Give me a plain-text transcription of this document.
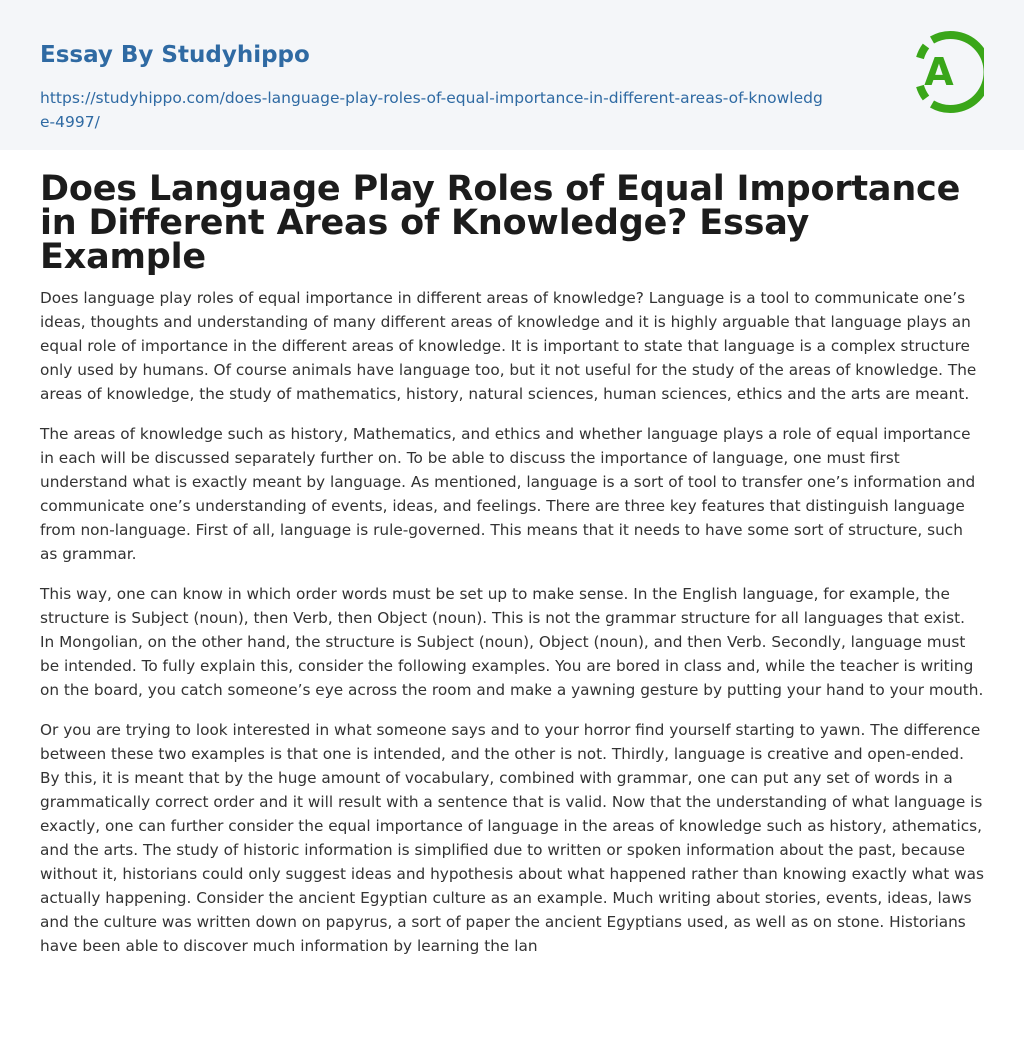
Essay By Studyhippo
https://studyhippo.com/does-language-play-roles-of-equal-importance-in-different-areas-of-knowledge-4997/
A
Does Language Play Roles of Equal Importance in Different Areas of Knowledge? Essay Example

Does language play roles of equal importance in different areas of knowledge? Language is a tool to communicate one’s ideas, thoughts and understanding of many different areas of knowledge and it is highly arguable that language plays an equal role of importance in the different areas of knowledge. It is important to state that language is a complex structure only used by humans. Of course animals have language too, but it not useful for the study of the areas of knowledge. The areas of knowledge, the study of mathematics, history, natural sciences, human sciences, ethics and the arts are meant.

The areas of knowledge such as history, Mathematics, and ethics and whether language plays a role of equal importance in each will be discussed separately further on. To be able to discuss the importance of language, one must first understand what is exactly meant by language. As mentioned, language is a sort of tool to transfer one’s information and communicate one’s understanding of events, ideas, and feelings. There are three key features that distinguish language from non-language. First of all, language is rule-governed. This means that it needs to have some sort of structure, such as grammar.

This way, one can know in which order words must be set up to make sense. In the English language, for example, the structure is Subject (noun), then Verb, then Object (noun). This is not the grammar structure for all languages that exist. In Mongolian, on the other hand, the structure is Subject (noun), Object (noun), and then Verb. Secondly, language must be intended. To fully explain this, consider the following examples. You are bored in class and, while the teacher is writing on the board, you catch someone’s eye across the room and make a yawning gesture by putting your hand to your mouth.

Or you are trying to look interested in what someone says and to your horror find yourself starting to yawn. The difference between these two examples is that one is intended, and the other is not. Thirdly, language is creative and open-ended. By this, it is meant that by the huge amount of vocabulary, combined with grammar, one can put any set of words in a grammatically correct order and it will result with a sentence that is valid. Now that the understanding of what language is exactly, one can further consider the equal importance of language in the areas of knowledge such as history, athematics, and the arts. The study of historic information is simplified due to written or spoken information about the past, because without it, historians could only suggest ideas and hypothesis about what happened rather than knowing exactly what was actually happening. Consider the ancient Egyptian culture as an example. Much writing about stories, events, ideas, laws and the culture was written down on papyrus, a sort of paper the ancient Egyptians used, as well as on stone. Historians have been able to discover much information by learning the lan
